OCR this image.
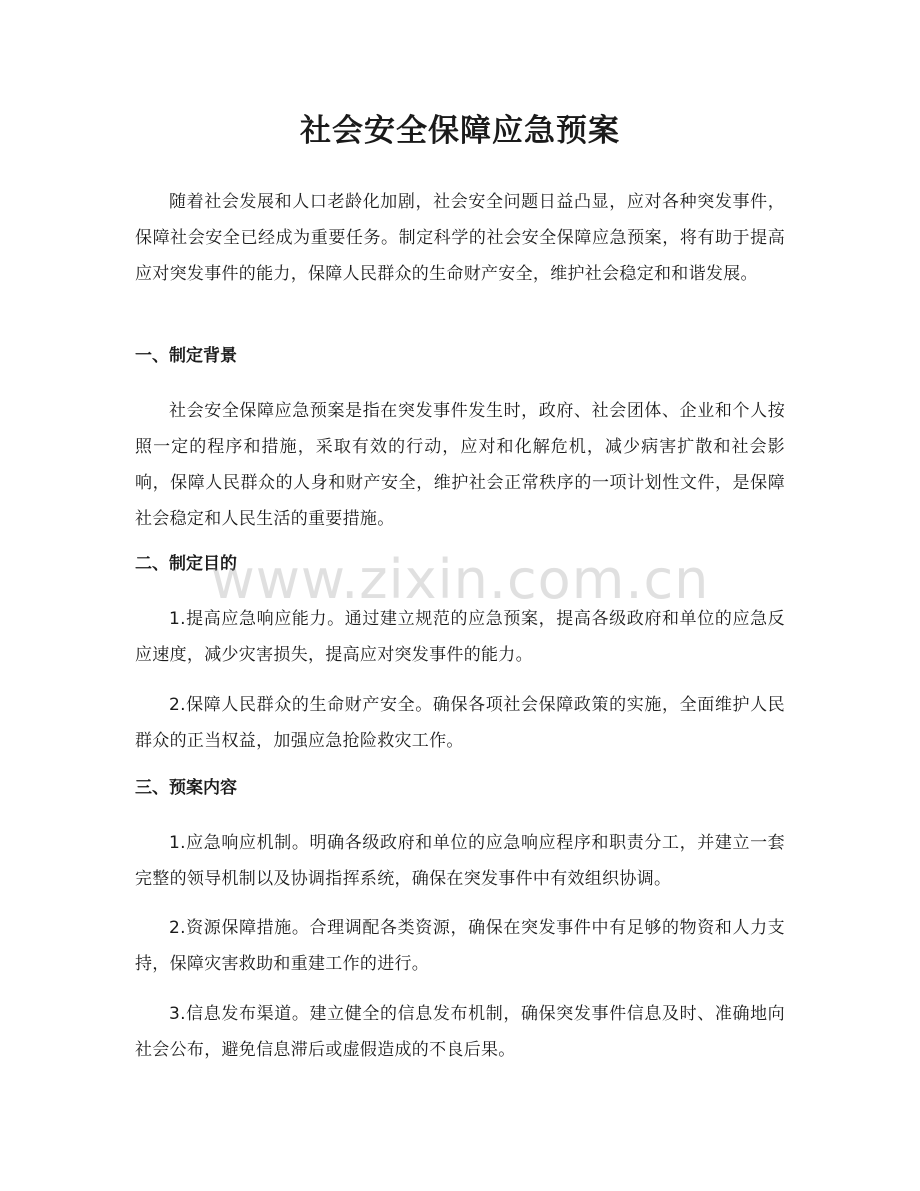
社会安全保障应急预案

随着社会发展和人口老龄化加剧，社会安全问题日益凸显，应对各种突发事件，保障社会安全已经成为重要任务。制定科学的社会安全保障应急预案，将有助于提高应对突发事件的能力，保障人民群众的生命财产安全，维护社会稳定和和谐发展。

一、制定背景

社会安全保障应急预案是指在突发事件发生时，政府、社会团体、企业和个人按照一定的程序和措施，采取有效的行动，应对和化解危机，减少病害扩散和社会影响，保障人民群众的人身和财产安全，维护社会正常秩序的一项计划性文件，是保障社会稳定和人民生活的重要措施。

二、制定目的

1.提高应急响应能力。通过建立规范的应急预案，提高各级政府和单位的应急反应速度，减少灾害损失，提高应对突发事件的能力。

2.保障人民群众的生命财产安全。确保各项社会保障政策的实施，全面维护人民群众的正当权益，加强应急抢险救灾工作。

三、预案内容

1.应急响应机制。明确各级政府和单位的应急响应程序和职责分工，并建立一套完整的领导机制以及协调指挥系统，确保在突发事件中有效组织协调。

2.资源保障措施。合理调配各类资源，确保在突发事件中有足够的物资和人力支持，保障灾害救助和重建工作的进行。

3.信息发布渠道。建立健全的信息发布机制，确保突发事件信息及时、准确地向社会公布，避免信息滞后或虚假造成的不良后果。

www.zixin.com.cn
